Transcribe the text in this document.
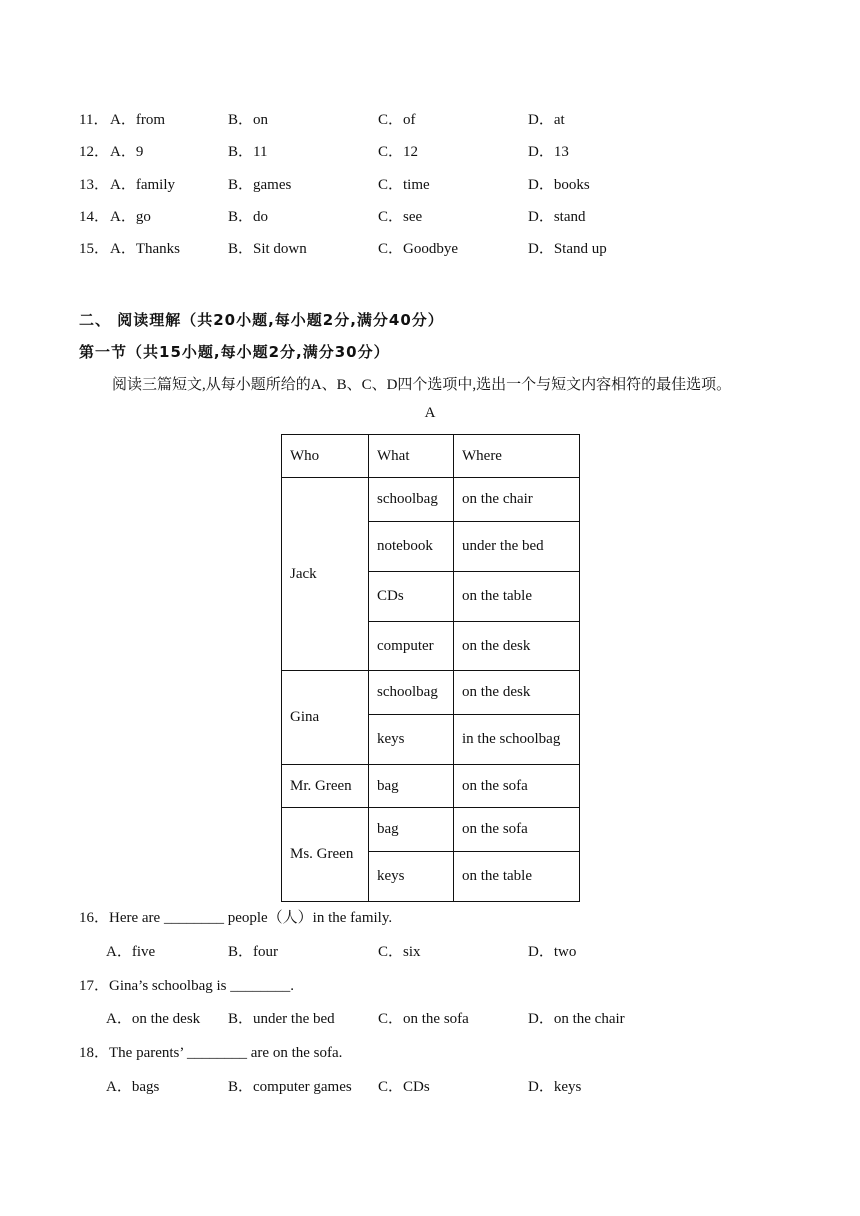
11． A．from	B．on	C．of	D．at
12． A．9	B．11	C．12	D．13
13． A．family	B．games	C．time	D．books
14． A．go	B．do	C．see	D．stand
15． A．Thanks	B．Sit down	C．Goodbye	D．Stand up
二、 阅读理解（共20小题,每小题2分,满分40分）
第一节（共15小题,每小题2分,满分30分）
阅读三篇短文,从每小题所给的A、B、C、D四个选项中,选出一个与短文内容相符的最佳选项。
A
Who	What	Where
Jack	schoolbag	on the chair
	notebook	under the bed
	CDs	on the table
	computer	on the desk
Gina	schoolbag	on the desk
	keys	in the schoolbag
Mr. Green	bag	on the sofa
Ms. Green	bag	on the sofa
	keys	on the table
16．Here are ________ people（人）in the family.
A．five	B．four	C．six	D．two
17．Gina’s schoolbag is ________.
A．on the desk B．under the bed	C．on the sofa	D．on the chair
18．The parents’ ________ are on the sofa.
A．bags	B．computer games C．CDs	D．keys
